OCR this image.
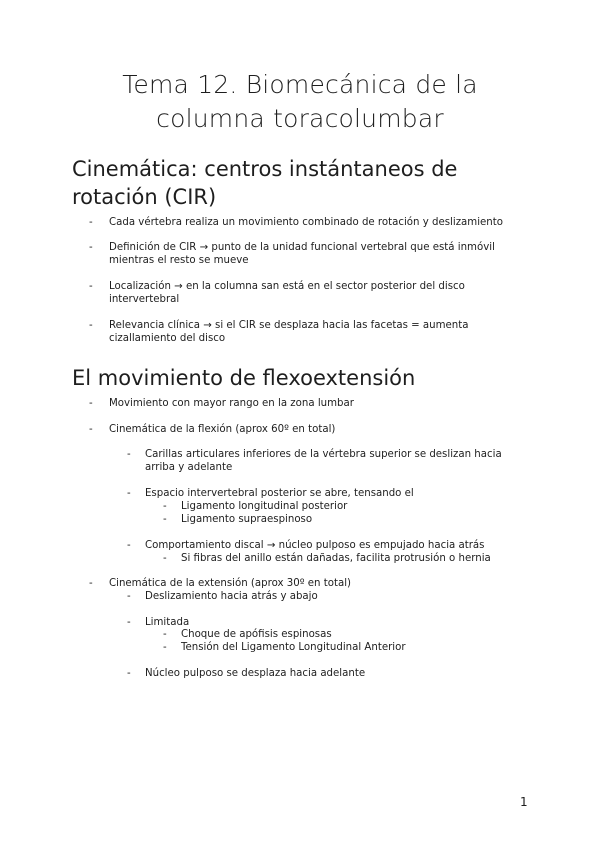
Tema 12. Biomecánica de la
columna toracolumbar
Cinemática: centros instántaneos de
rotación (CIR)
-	Cada vértebra realiza un movimiento combinado de rotación y deslizamiento
-	Definición de CIR → punto de la unidad funcional vertebral que está inmóvil
mientras el resto se mueve
-	Localización → en la columna san está en el sector posterior del disco
intervertebral
-	Relevancia clínica → si el CIR se desplaza hacia las facetas = aumenta
cizallamiento del disco
El movimiento de flexoextensión
-	Movimiento con mayor rango en la zona lumbar
-	Cinemática de la flexión (aprox 60º en total)
-	Carillas articulares inferiores de la vértebra superior se deslizan hacia
arriba y adelante
-	Espacio intervertebral posterior se abre, tensando el
-	Ligamento longitudinal posterior
-	Ligamento supraespinoso
-	Comportamiento discal → núcleo pulposo es empujado hacia atrás
-	Si fibras del anillo están dañadas, facilita protrusión o hernia
-	Cinemática de la extensión (aprox 30º en total)
-	Deslizamiento hacia atrás y abajo
-	Limitada
-	Choque de apófisis espinosas
-	Tensión del Ligamento Longitudinal Anterior
-	Núcleo pulposo se desplaza hacia adelante
1
